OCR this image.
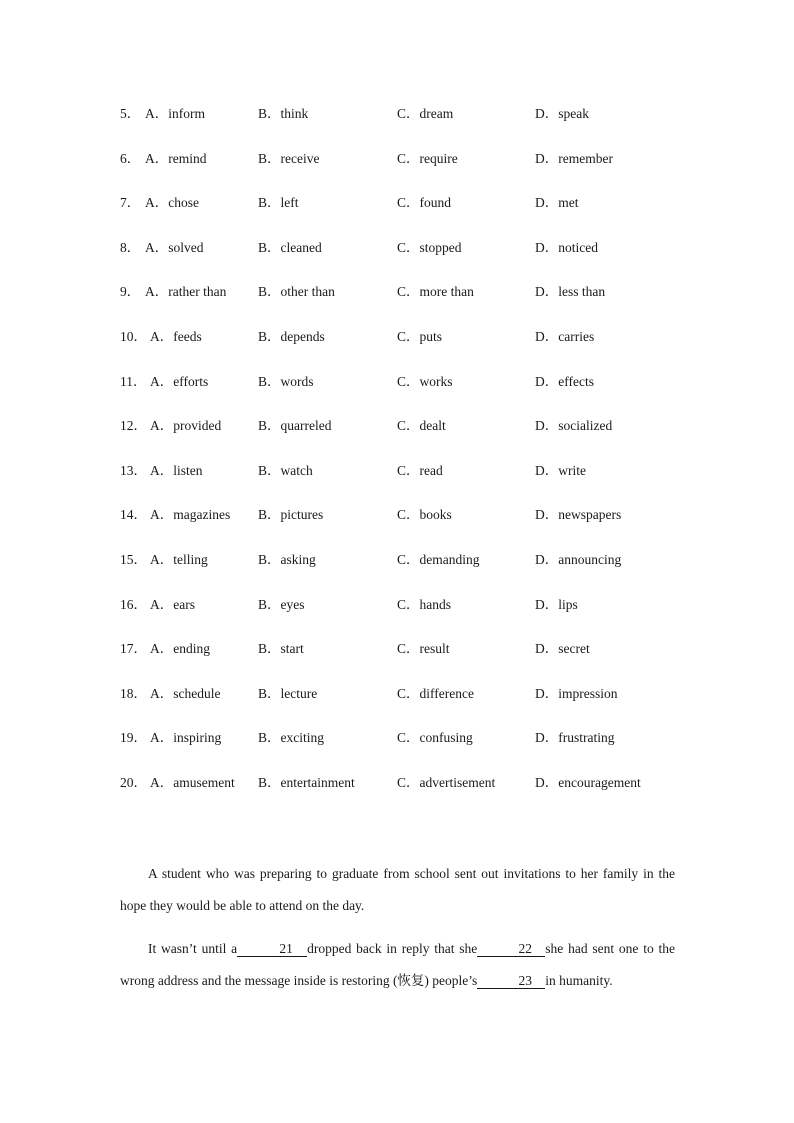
5． A．inform	B．think	C．dream	D．speak
6． A．remind	B．receive	C．require	D．remember
7． A．chose	B．left	C．found	D．met
8． A．solved	B．cleaned	C．stopped	D．noticed
9． A．rather than B．other than	C．more than	D．less than
10． A．feeds	B．depends	C．puts	D．carries
11． A．efforts	B．words	C．works	D．effects
12． A．provided	B．quarreled	C．dealt	D．socialized
13． A．listen	B．watch	C．read	D．write
14． A．magazines B．pictures	C．books	D．newspapers
15． A．telling	B．asking	C．demanding	D．announcing
16． A．ears	B．eyes	C．hands	D．lips
17． A．ending	B．start	C．result	D．secret
18． A．schedule	B．lecture	C．difference	D．impression
19． A．inspiring	B．exciting	C．confusing	D．frustrating
20． A．amusement B．entertainment	C．advertisement	D．encouragement

A student who was preparing to graduate from school sent out invitations to her family in the hope they would be able to attend on the day.

It wasn’t until a	21 dropped back in reply that she	22 she had sent one to the wrong address and the message inside is restoring (恢复) people’s	23 in humanity.
